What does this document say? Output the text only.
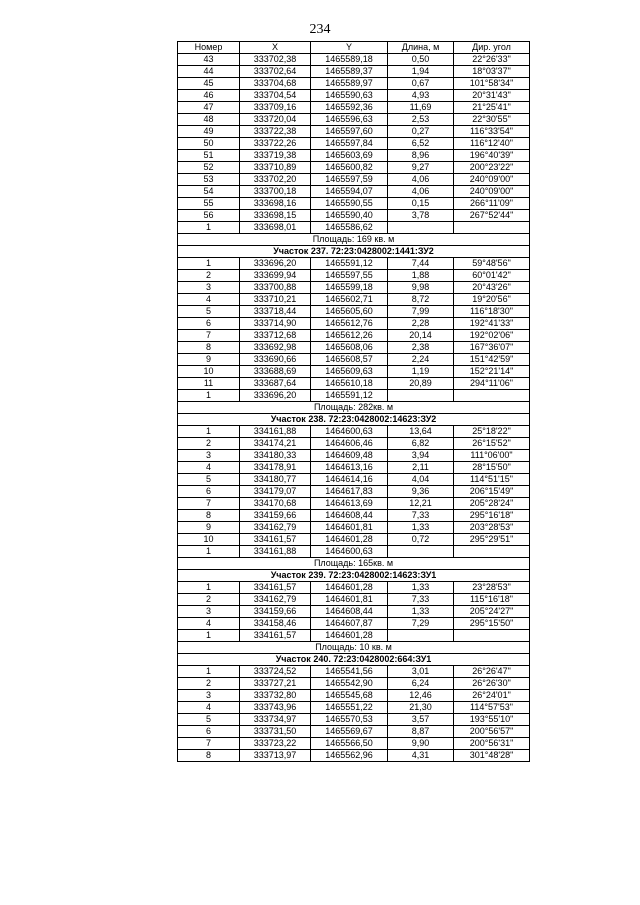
234
Номер	X	Y	Длина, м	Дир. угол
43	333702,38	1465589,18	0,50	22°26'33"
44	333702,64	1465589,37	1,94	18°03'37"
45	333704,68	1465589,97	0,67	101°58'34"
46	333704,54	1465590,63	4,93	20°31'43"
47	333709,16	1465592,36	11,69	21°25'41"
48	333720,04	1465596,63	2,53	22°30'55"
49	333722,38	1465597,60	0,27	116°33'54"
50	333722,26	1465597,84	6,52	116°12'40"
51	333719,38	1465603,69	8,96	196°40'39"
52	333710,89	1465600,82	9,27	200°23'22"
53	333702,20	1465597,59	4,06	240°09'00"
54	333700,18	1465594,07	4,06	240°09'00"
55	333698,16	1465590,55	0,15	266°11'09"
56	333698,15	1465590,40	3,78	267°52'44"
1	333698,01	1465586,62		
Площадь: 169 кв. м				
Участок 237. 72:23:0428002:1441:ЗУ2				
1	333696,20	1465591,12	7,44	59°48'56"
2	333699,94	1465597,55	1,88	60°01'42"
3	333700,88	1465599,18	9,98	20°43'26"
4	333710,21	1465602,71	8,72	19°20'56"
5	333718,44	1465605,60	7,99	116°18'30"
6	333714,90	1465612,76	2,28	192°41'33"
7	333712,68	1465612,26	20,14	192°02'06"
8	333692,98	1465608,06	2,38	167°36'07"
9	333690,66	1465608,57	2,24	151°42'59"
10	333688,69	1465609,63	1,19	152°21'14"
11	333687,64	1465610,18	20,89	294°11'06"
1	333696,20	1465591,12		
Площадь: 282кв. м				
Участок 238. 72:23:0428002:14623:ЗУ2				
1	334161,88	1464600,63	13,64	25°18'22"
2	334174,21	1464606,46	6,82	26°15'52"
3	334180,33	1464609,48	3,94	111°06'00"
4	334178,91	1464613,16	2,11	28°15'50"
5	334180,77	1464614,16	4,04	114°51'15"
6	334179,07	1464617,83	9,36	206°15'49"
7	334170,68	1464613,69	12,21	205°28'24"
8	334159,66	1464608,44	7,33	295°16'18"
9	334162,79	1464601,81	1,33	203°28'53"
10	334161,57	1464601,28	0,72	295°29'51"
1	334161,88	1464600,63		
Площадь: 165кв. м				
Участок 239. 72:23:0428002:14623:ЗУ1				
1	334161,57	1464601,28	1,33	23°28'53"
2	334162,79	1464601,81	7,33	115°16'18"
3	334159,66	1464608,44	1,33	205°24'27"
4	334158,46	1464607,87	7,29	295°15'50"
1	334161,57	1464601,28		
Площадь: 10 кв. м				
Участок 240. 72:23:0428002:664:ЗУ1				
1	333724,52	1465541,56	3,01	26°26'47"
2	333727,21	1465542,90	6,24	26°26'30"
3	333732,80	1465545,68	12,46	26°24'01"
4	333743,96	1465551,22	21,30	114°57'53"
5	333734,97	1465570,53	3,57	193°55'10"
6	333731,50	1465569,67	8,87	200°56'57"
7	333723,22	1465566,50	9,90	200°56'31"
8	333713,97	1465562,96	4,31	301°48'28"
